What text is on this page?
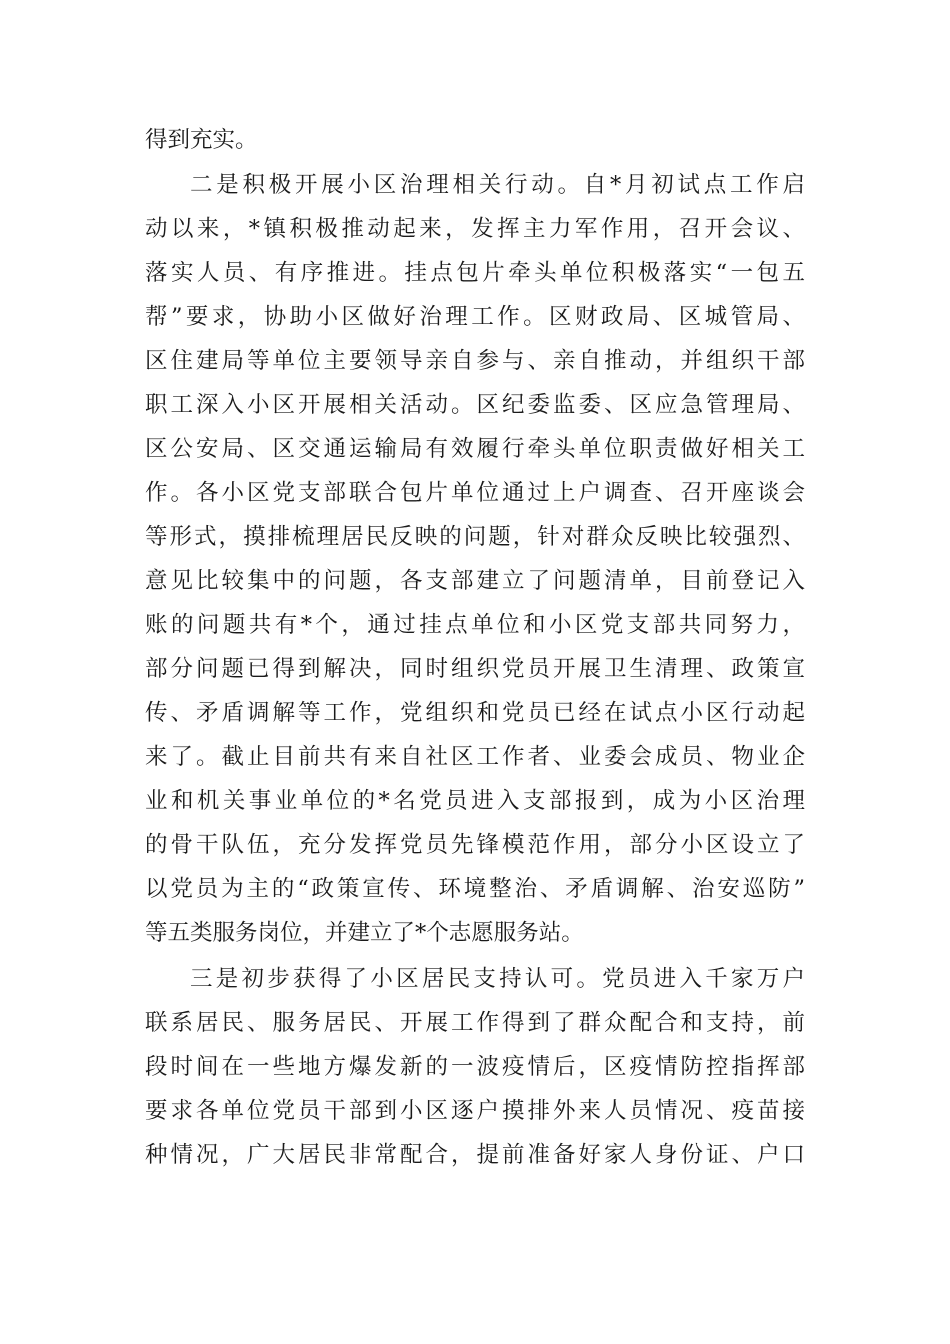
得到充实。
二是积极开展小区治理相关行动。自*月初试点工作启
动以来，*镇积极推动起来，发挥主力军作用，召开会议、
落实人员、有序推进。挂点包片牵头单位积极落实“一包五
帮”要求，协助小区做好治理工作。区财政局、区城管局、
区住建局等单位主要领导亲自参与、亲自推动，并组织干部
职工深入小区开展相关活动。区纪委监委、区应急管理局、
区公安局、区交通运输局有效履行牵头单位职责做好相关工
作。各小区党支部联合包片单位通过上户调查、召开座谈会
等形式，摸排梳理居民反映的问题，针对群众反映比较强烈、
意见比较集中的问题，各支部建立了问题清单，目前登记入
账的问题共有*个，通过挂点单位和小区党支部共同努力，
部分问题已得到解决，同时组织党员开展卫生清理、政策宣
传、矛盾调解等工作，党组织和党员已经在试点小区行动起
来了。截止目前共有来自社区工作者、业委会成员、物业企
业和机关事业单位的*名党员进入支部报到，成为小区治理
的骨干队伍，充分发挥党员先锋模范作用，部分小区设立了
以党员为主的“政策宣传、环境整治、矛盾调解、治安巡防”
等五类服务岗位，并建立了*个志愿服务站。
三是初步获得了小区居民支持认可。党员进入千家万户
联系居民、服务居民、开展工作得到了群众配合和支持，前
段时间在一些地方爆发新的一波疫情后，区疫情防控指挥部
要求各单位党员干部到小区逐户摸排外来人员情况、疫苗接
种情况，广大居民非常配合，提前准备好家人身份证、户口
